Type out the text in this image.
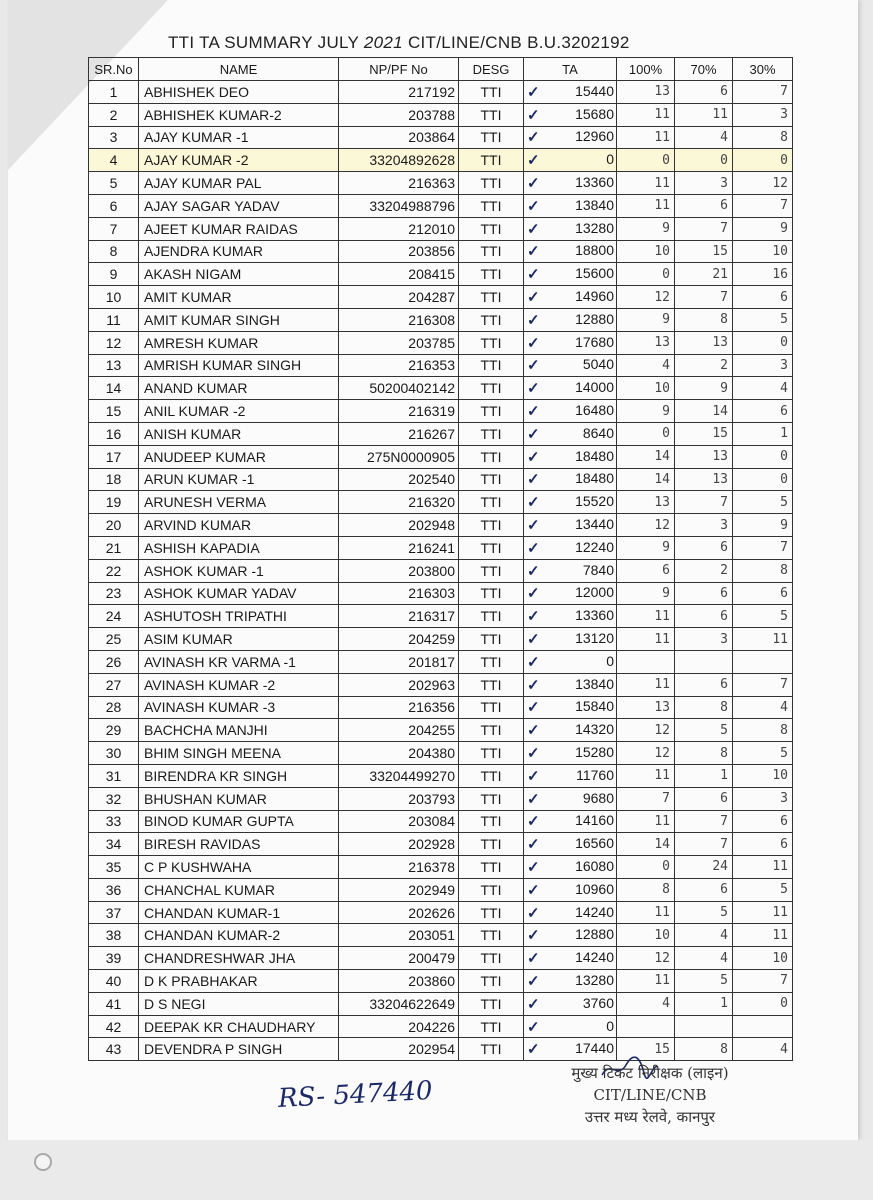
TTI TA SUMMARY JULY 2021 CIT/LINE/CNB B.U.3202192
SR.No	NAME	NP/PF No	DESG	TA	100%	70%	30%
1	ABHISHEK DEO	217192	TTI	✓ 15440	13	6	7
2	ABHISHEK KUMAR-2	203788	TTI	✓ 15680	11	11	3
3	AJAY KUMAR -1	203864	TTI	✓ 12960	11	4	8
4	AJAY KUMAR -2	33204892628	TTI	✓ 0	0	0	0
5	AJAY KUMAR PAL	216363	TTI	✓ 13360	11	3	12
6	AJAY SAGAR YADAV	33204988796	TTI	✓ 13840	11	6	7
7	AJEET KUMAR RAIDAS	212010	TTI	✓ 13280	9	7	9
8	AJENDRA KUMAR	203856	TTI	✓ 18800	10	15	10
9	AKASH NIGAM	208415	TTI	✓ 15600	0	21	16
10	AMIT KUMAR	204287	TTI	✓ 14960	12	7	6
11	AMIT KUMAR SINGH	216308	TTI	✓ 12880	9	8	5
12	AMRESH KUMAR	203785	TTI	✓ 17680	13	13	0
13	AMRISH KUMAR SINGH	216353	TTI	✓ 5040	4	2	3
14	ANAND KUMAR	50200402142	TTI	✓ 14000	10	9	4
15	ANIL KUMAR -2	216319	TTI	✓ 16480	9	14	6
16	ANISH KUMAR	216267	TTI	✓ 8640	0	15	1
17	ANUDEEP KUMAR	275N0000905	TTI	✓ 18480	14	13	0
18	ARUN KUMAR -1	202540	TTI	✓ 18480	14	13	0
19	ARUNESH VERMA	216320	TTI	✓ 15520	13	7	5
20	ARVIND KUMAR	202948	TTI	✓ 13440	12	3	9
21	ASHISH KAPADIA	216241	TTI	✓ 12240	9	6	7
22	ASHOK KUMAR -1	203800	TTI	✓ 7840	6	2	8
23	ASHOK KUMAR YADAV	216303	TTI	✓ 12000	9	6	6
24	ASHUTOSH TRIPATHI	216317	TTI	✓ 13360	11	6	5
25	ASIM KUMAR	204259	TTI	✓ 13120	11	3	11
26	AVINASH KR VARMA -1	201817	TTI	✓ 0			
27	AVINASH KUMAR -2	202963	TTI	✓ 13840	11	6	7
28	AVINASH KUMAR -3	216356	TTI	✓ 15840	13	8	4
29	BACHCHA MANJHI	204255	TTI	✓ 14320	12	5	8
30	BHIM SINGH MEENA	204380	TTI	✓ 15280	12	8	5
31	BIRENDRA KR SINGH	33204499270	TTI	✓ 11760	11	1	10
32	BHUSHAN KUMAR	203793	TTI	✓ 9680	7	6	3
33	BINOD KUMAR GUPTA	203084	TTI	✓ 14160	11	7	6
34	BIRESH RAVIDAS	202928	TTI	✓ 16560	14	7	6
35	C P KUSHWAHA	216378	TTI	✓ 16080	0	24	11
36	CHANCHAL KUMAR	202949	TTI	✓ 10960	8	6	5
37	CHANDAN KUMAR-1	202626	TTI	✓ 14240	11	5	11
38	CHANDAN KUMAR-2	203051	TTI	✓ 12880	10	4	11
39	CHANDRESHWAR JHA	200479	TTI	✓ 14240	12	4	10
40	D K PRABHAKAR	203860	TTI	✓ 13280	11	5	7
41	D S NEGI	33204622649	TTI	✓ 3760	4	1	0
42	DEEPAK KR CHAUDHARY	204226	TTI	✓ 0			
43	DEVENDRA P SINGH	202954	TTI	✓ 17440	15	8	4
RS- 547440
मुख्य टिकट निरीक्षक (लाइन)
CIT/LINE/CNB
उत्तर मध्य रेलवे, कानपुर
